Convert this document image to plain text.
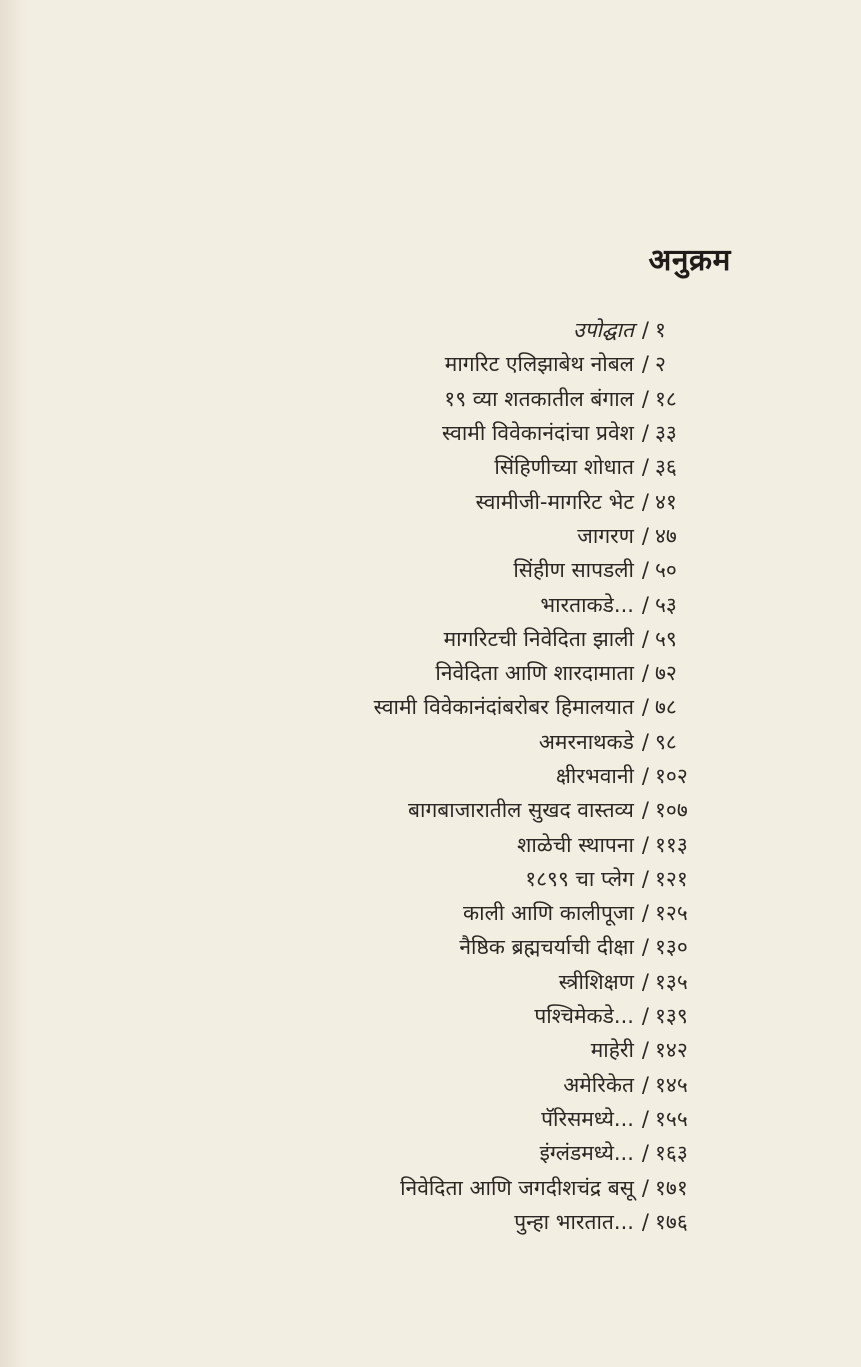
अनुक्रम
उपोद्घात / १
मागरिट एलिझाबेथ नोबल / २
१९ व्या शतकातील बंगाल / १८
स्वामी विवेकानंदांचा प्रवेश / ३३
सिंहिणीच्या शोधात / ३६
स्वामीजी-मागरिट भेट / ४१
जागरण / ४७
सिंहीण सापडली / ५०
भारताकडे... / ५३
मागरिटची निवेदिता झाली / ५९
निवेदिता आणि शारदामाता / ७२
स्वामी विवेकानंदांबरोबर हिमालयात / ७८
अमरनाथकडे / ९८
क्षीरभवानी / १०२
बागबाजारातील सुखद वास्तव्य / १०७
शाळेची स्थापना / ११३
१८९९ चा प्लेग / १२१
काली आणि कालीपूजा / १२५
नैष्ठिक ब्रह्मचर्याची दीक्षा / १३०
स्त्रीशिक्षण / १३५
पश्चिमेकडे... / १३९
माहेरी / १४२
अमेरिकेत / १४५
पॅरिसमध्ये... / १५५
इंग्लंडमध्ये... / १६३
निवेदिता आणि जगदीशचंद्र बसू / १७१
पुन्हा भारतात... / १७६
